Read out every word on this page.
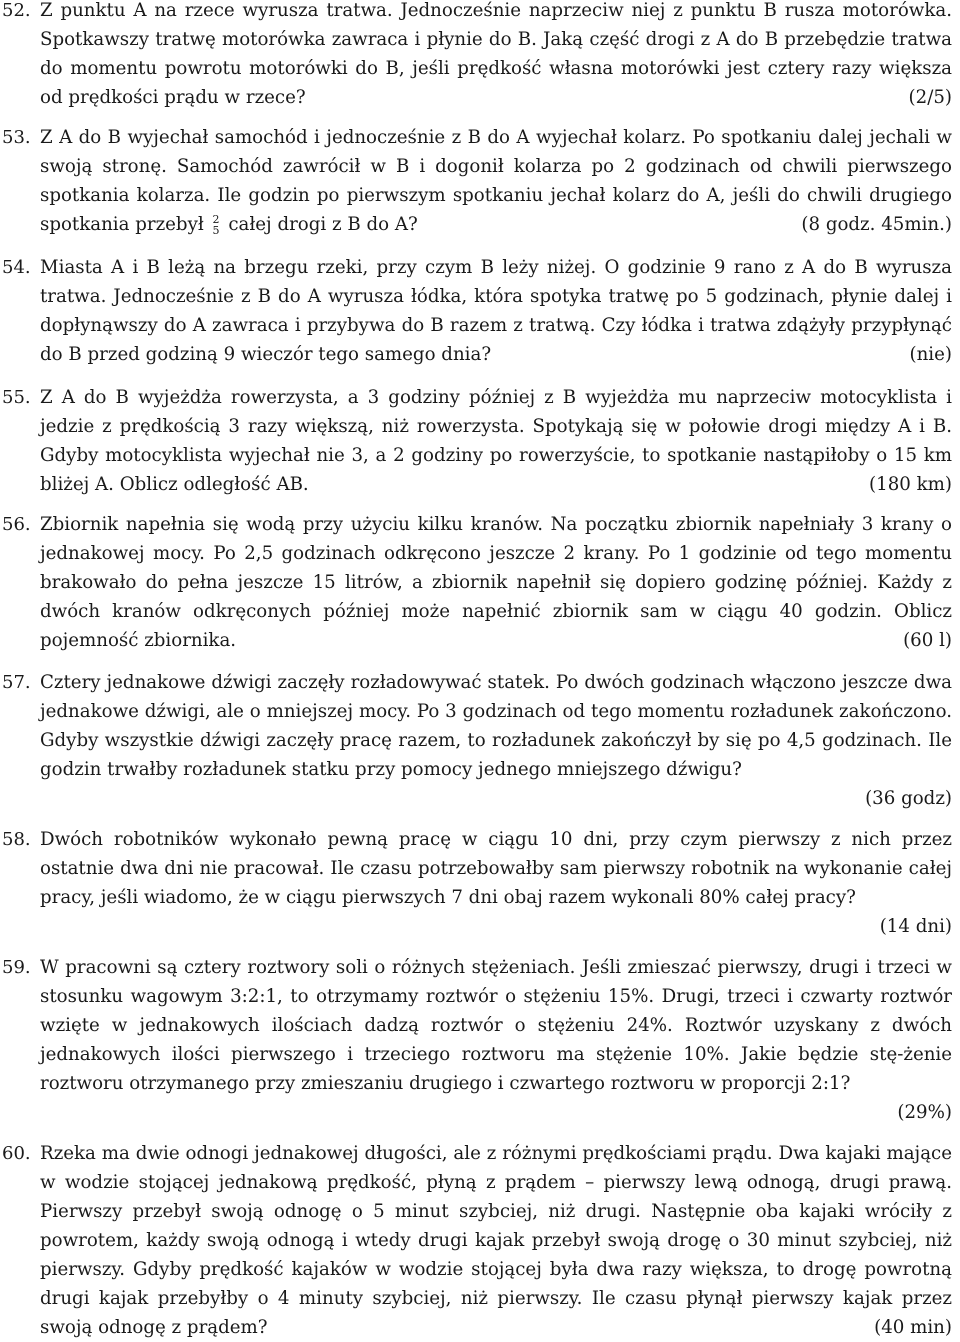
52. Z punktu A na rzece wyrusza tratwa. Jednocześnie naprzeciw niej z punktu B rusza motorówka. Spotkawszy tratwę motorówka zawraca i płynie do B. Jaką część drogi z A do B przebędzie tratwa do momentu powrotu motorówki do B, jeśli prędkość własna motorówki jest cztery razy większa od prędkości prądu w rzece?	(2/5)
53. Z A do B wyjechał samochód i jednocześnie z B do A wyjechał kolarz. Po spotkaniu dalej jechali w swoją stronę. Samochód zawrócił w B i dogonił kolarza po 2 godzinach od chwili pierwszego spotkania kolarza. Ile godzin po pierwszym spotkaniu jechał kolarz do A, jeśli do chwili drugiego spotkania przebył 2
5 całej drogi z B do A?	(8 godz. 45min.)
54. Miasta A i B leżą na brzegu rzeki, przy czym B leży niżej. O godzinie 9 rano z A do B wyrusza tratwa. Jednocześnie z B do A wyrusza łódka, która spotyka tratwę po 5 godzinach, płynie dalej i dopłynąwszy do A zawraca i przybywa do B razem z tratwą. Czy łódka i tratwa zdążyły przypłynąć do B przed godziną 9 wieczór tego samego dnia?	(nie)
55. Z A do B wyjeżdża rowerzysta, a 3 godziny później z B wyjeżdża mu naprzeciw motocyklista i jedzie z prędkością 3 razy większą, niż rowerzysta. Spotykają się w połowie drogi między A i B. Gdyby motocyklista wyjechał nie 3, a 2 godziny po rowerzyście, to spotkanie nastąpiłoby o 15 km bliżej A. Oblicz odległość AB.	(180 km)
56. Zbiornik napełnia się wodą przy użyciu kilku kranów. Na początku zbiornik napełniały 3 krany o jednakowej mocy. Po 2,5 godzinach odkręcono jeszcze 2 krany. Po 1 godzinie od tego momentu brakowało do pełna jeszcze 15 litrów, a zbiornik napełnił się dopiero godzinę później. Każdy z dwóch kranów odkręconych później może napełnić zbiornik sam w ciągu 40 godzin. Oblicz pojemność zbiornika.	(60 l)
57. Cztery jednakowe dźwigi zaczęły rozładowywać statek. Po dwóch godzinach włączono jeszcze dwa jednakowe dźwigi, ale o mniejszej mocy. Po 3 godzinach od tego momentu rozładunek zakończono. Gdyby wszystkie dźwigi zaczęły pracę razem, to rozładunek zakończył by się po 4,5 godzinach. Ile godzin trwałby rozładunek statku przy pomocy jednego mniejszego dźwigu?
(36 godz)
58. Dwóch robotników wykonało pewną pracę w ciągu 10 dni, przy czym pierwszy z nich przez ostatnie dwa dni nie pracował. Ile czasu potrzebowałby sam pierwszy robotnik na wykonanie całej pracy, jeśli wiadomo, że w ciągu pierwszych 7 dni obaj razem wykonali 80% całej pracy?
(14 dni)
59. W pracowni są cztery roztwory soli o różnych stężeniach. Jeśli zmieszać pierwszy, drugi i trzeci w stosunku wagowym 3:2:1, to otrzymamy roztwór o stężeniu 15%. Drugi, trzeci i czwarty roztwór wzięte w jednakowych ilościach dadzą roztwór o stężeniu 24%. Roztwór uzyskany z dwóch jednakowych ilości pierwszego i trzeciego roztworu ma stężenie 10%. Jakie będzie stę-żenie roztworu otrzymanego przy zmieszaniu drugiego i czwartego roztworu w proporcji 2:1?
(29%)
60. Rzeka ma dwie odnogi jednakowej długości, ale z różnymi prędkościami prądu. Dwa kajaki mające w wodzie stojącej jednakową prędkość, płyną z prądem – pierwszy lewą odnogą, drugi prawą. Pierwszy przebył swoją odnogę o 5 minut szybciej, niż drugi. Następnie oba kajaki wróciły z powrotem, każdy swoją odnogą i wtedy drugi kajak przebył swoją drogę o 30 minut szybciej, niż pierwszy. Gdyby prędkość kajaków w wodzie stojącej była dwa razy większa, to drogę powrotną drugi kajak przebyłby o 4 minuty szybciej, niż pierwszy. Ile czasu płynął pierwszy kajak przez swoją odnogę z prądem?	(40 min)
